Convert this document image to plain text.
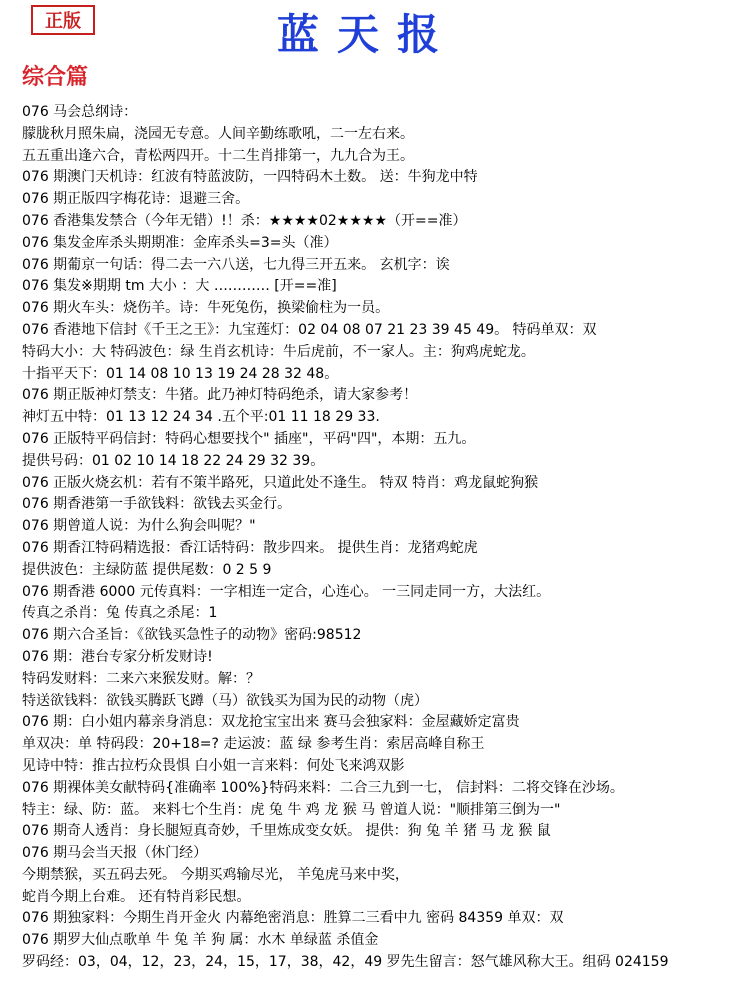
正版	蓝天报
综合篇
076 马会总纲诗：
朦胧秋月照朱扁，浇园无专意。人间辛勤练歌吼，二一左右来。
五五重出逢六合，青松两四开。十二生肖排第一，九九合为王。
076 期澳门天机诗：红波有特蓝波防，一四特码木土数。 送：牛狗龙中特
076 期正版四字梅花诗：退避三舍。
076 香港集发禁合（今年无错）!！杀：★★★★02★★★★（开==准）
076 集发金库杀头期期准：金库杀头=3=头（准）
076 期葡京一句话：得二去一六八送，七九得三开五来。 玄机字：诶
076 集发※期期 tm 大小 ：大 ………… [开==准]
076 期火车头：烧伤羊。诗：牛死兔伤，换梁偷柱为一员。
076 香港地下信封《千王之王》：九宝莲灯：02 04 08 07 21 23 39 45 49。 特码单双：双
特码大小：大 特码波色：绿 生肖玄机诗：牛后虎前，不一家人。主：狗鸡虎蛇龙。
十指平天下：01 14 08 10 13 19 24 28 32 48。
076 期正版神灯禁支：牛猪。此乃神灯特码绝杀，请大家参考！
神灯五中特：01 13 12 24 34 .五个平:01 11 18 29 33.
076 正版特平码信封：特码心想要找个" 插座"，平码"四"，本期：五九。
提供号码：01 02 10 14 18 22 24 29 32 39。
076 正版火烧玄机：若有不策半路死，只道此处不逢生。 特双 特肖：鸡龙鼠蛇狗猴
076 期香港第一手欲钱料：欲钱去买金行。
076 期曾道人说：为什么狗会叫呢？"
076 期香江特码精选报：香江话特码：散步四来。 提供生肖：龙猪鸡蛇虎
提供波色：主绿防蓝 提供尾数：0 2 5 9
076 期香港 6000 元传真料：一字相连一定合，心连心。 一三同走同一方，大法红。
传真之杀肖：兔 传真之杀尾：1
076 期六合圣旨：《欲钱买急性子的动物》密码:98512
076 期：港台专家分析发财诗!
特码发财料：二来六来猴发财。解：？
特送欲钱料：欲钱买腾跃飞蹲（马）欲钱买为国为民的动物（虎）
076 期：白小姐内幕亲身消息：双龙抢宝宝出来 赛马会独家料：金屋藏娇定富贵
单双决：单 特码段：20+18=? 走运波：蓝 绿 参考生肖：索居高峰自称王
见诗中特：推古拉朽众畏惧 白小姐一言来料：何处飞来鸿双影
076 期裸体美女献特码{准确率 100%}特码来料：二合三九到一七， 信封料：二将交锋在沙场。
特主：绿、防：蓝。 来料七个生肖：虎 兔 牛 鸡 龙 猴 马 曾道人说："顺排第三倒为一"
076 期奇人透肖：身长腿短真奇妙，千里炼成变女妖。 提供：狗 兔 羊 猪 马 龙 猴 鼠
076 期马会当天报（休门经）
今期禁猴，买五码去死。 今期买鸡输尽光， 羊兔虎马来中奖，
蛇肖今期上台难。 还有特肖彩民想。
076 期独家料：今期生肖开金火 内幕绝密消息：胜算二三看中九 密码 84359 单双：双
076 期罗大仙点歌单 牛 兔 羊 狗 属：水木 单绿蓝 杀值金
罗码经：03，04，12，23，24，15，17，38，42，49 罗先生留言：怒气雄风称大王。组码 024159
